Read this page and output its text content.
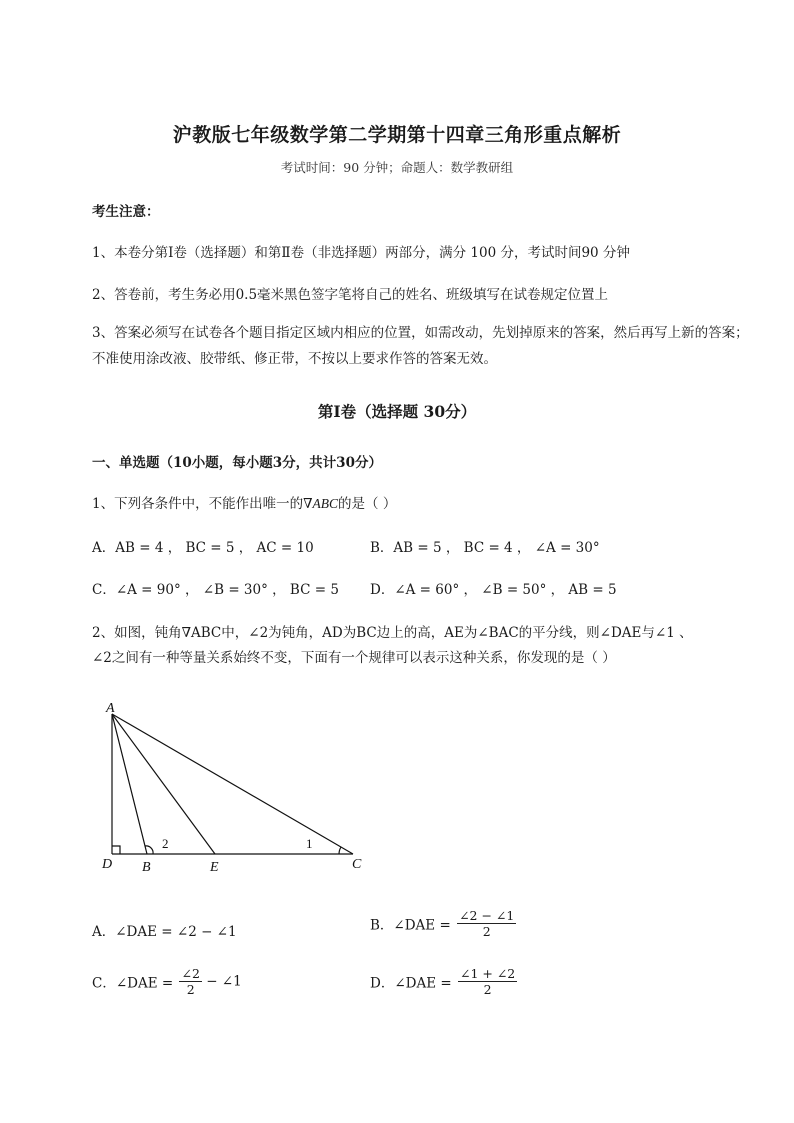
沪教版七年级数学第二学期第十四章三角形重点解析
考试时间：90 分钟；命题人：数学教研组
考生注意：
1、本卷分第Ⅰ卷（选择题）和第Ⅱ卷（非选择题）两部分，满分 100 分，考试时间90 分钟
2、答卷前，考生务必用0.5毫米黑色签字笔将自己的姓名、班级填写在试卷规定位置上
3、答案必须写在试卷各个题目指定区域内相应的位置，如需改动，先划掉原来的答案，然后再写上新的答案；不准使用涂改液、胶带纸、修正带，不按以上要求作答的答案无效。
第Ⅰ卷（选择题 30分）
一、单选题（10小题，每小题3分，共计30分）
1、下列各条件中，不能作出唯一的∇ABC的是（ ）
A．AB = 4 ， BC = 5 ， AC = 10	B．AB = 5 ， BC = 4 ， ∠A = 30°
C．∠A = 90° ， ∠B = 30° ， BC = 5 D．∠A = 60° ， ∠B = 50° ， AB = 5
2、如图，钝角∇ABC中，∠2为钝角，AD为BC边上的高，AE为∠BAC的平分线，则∠DAE与∠1 、
∠2之间有一种等量关系始终不变，下面有一个规律可以表示这种关系，你发现的是（ ）
A
D B	E	C
2	1
A．∠DAE = ∠2 − ∠1	B．∠DAE = $\frac{\angle 2 - \angle 1}{2}$
C．∠DAE = $\frac{\angle 2}{2}$ − ∠1	D．∠DAE = $\frac{\angle 1 + \angle 2}{2}$
